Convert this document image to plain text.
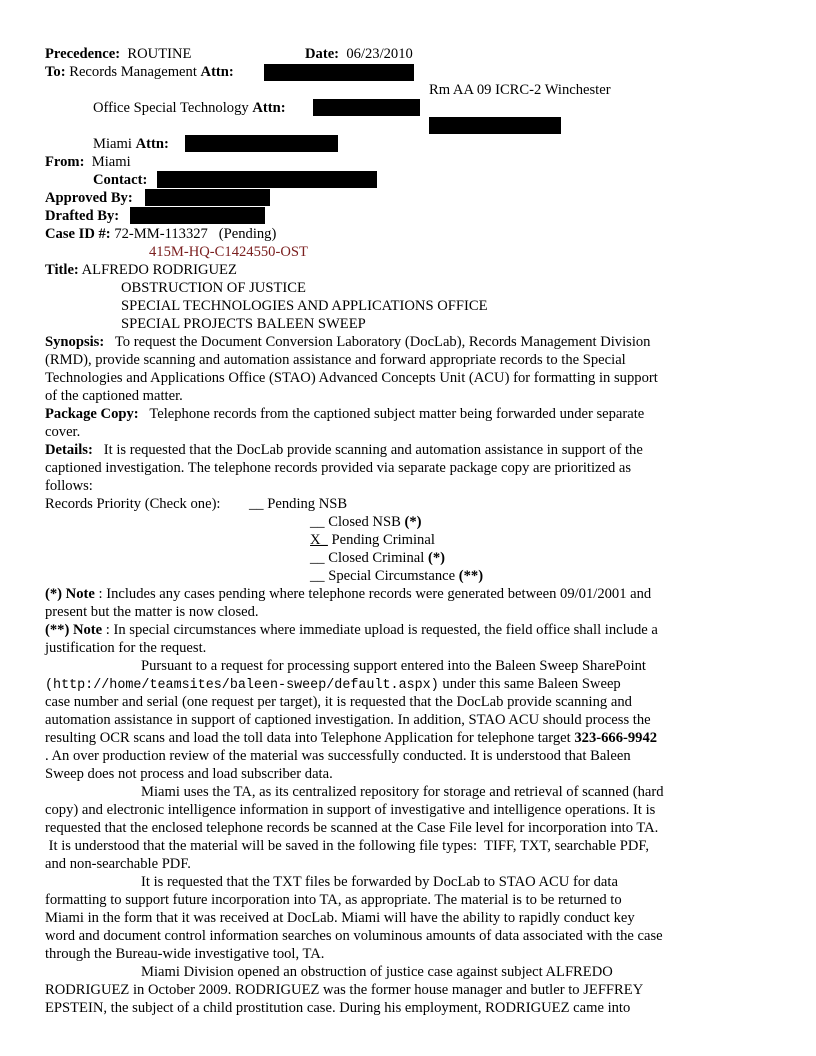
Precedence: ROUTINE	Date: 06/23/2010
To: Records Management Attn:
Rm AA 09 ICRC-2 Winchester
Office Special Technology Attn:
Miami Attn:
From: Miami
Contact:
Approved By:
Drafted By:
Case ID #: 72-MM-113327   (Pending)
415M-HQ-C1424550-OST
Title: ALFREDO RODRIGUEZ
OBSTRUCTION OF JUSTICE
SPECIAL TECHNOLOGIES AND APPLICATIONS OFFICE
SPECIAL PROJECTS BALEEN SWEEP
Synopsis: To request the Document Conversion Laboratory (DocLab), Records Management Division
(RMD), provide scanning and automation assistance and forward appropriate records to the Special
Technologies and Applications Office (STAO) Advanced Concepts Unit (ACU) for formatting in support
of the captioned matter.
Package Copy: Telephone records from the captioned subject matter being forwarded under separate
cover.
Details: It is requested that the DocLab provide scanning and automation assistance in support of the
captioned investigation. The telephone records provided via separate package copy are prioritized as
follows:
Records Priority (Check one): __ Pending NSB
__ Closed NSB (*)
X_ Pending Criminal
__ Closed Criminal (*)
__ Special Circumstance (**)
(*) Note : Includes any cases pending where telephone records were generated between 09/01/2001 and
present but the matter is now closed.
(**) Note : In special circumstances where immediate upload is requested, the field office shall include a
justification for the request.
Pursuant to a request for processing support entered into the Baleen Sweep SharePoint
(http://home/teamsites/baleen-sweep/default.aspx) under this same Baleen Sweep
case number and serial (one request per target), it is requested that the DocLab provide scanning and
automation assistance in support of captioned investigation. In addition, STAO ACU should process the
resulting OCR scans and load the toll data into Telephone Application for telephone target 323-666-9942
. An over production review of the material was successfully conducted. It is understood that Baleen
Sweep does not process and load subscriber data.
Miami uses the TA, as its centralized repository for storage and retrieval of scanned (hard
copy) and electronic intelligence information in support of investigative and intelligence operations. It is
requested that the enclosed telephone records be scanned at the Case File level for incorporation into TA.
It is understood that the material will be saved in the following file types:  TIFF, TXT, searchable PDF,
and non-searchable PDF.
It is requested that the TXT files be forwarded by DocLab to STAO ACU for data
formatting to support future incorporation into TA, as appropriate. The material is to be returned to
Miami in the form that it was received at DocLab. Miami will have the ability to rapidly conduct key
word and document control information searches on voluminous amounts of data associated with the case
through the Bureau-wide investigative tool, TA.
Miami Division opened an obstruction of justice case against subject ALFREDO
RODRIGUEZ in October 2009. RODRIGUEZ was the former house manager and butler to JEFFREY
EPSTEIN, the subject of a child prostitution case. During his employment, RODRIGUEZ came into
